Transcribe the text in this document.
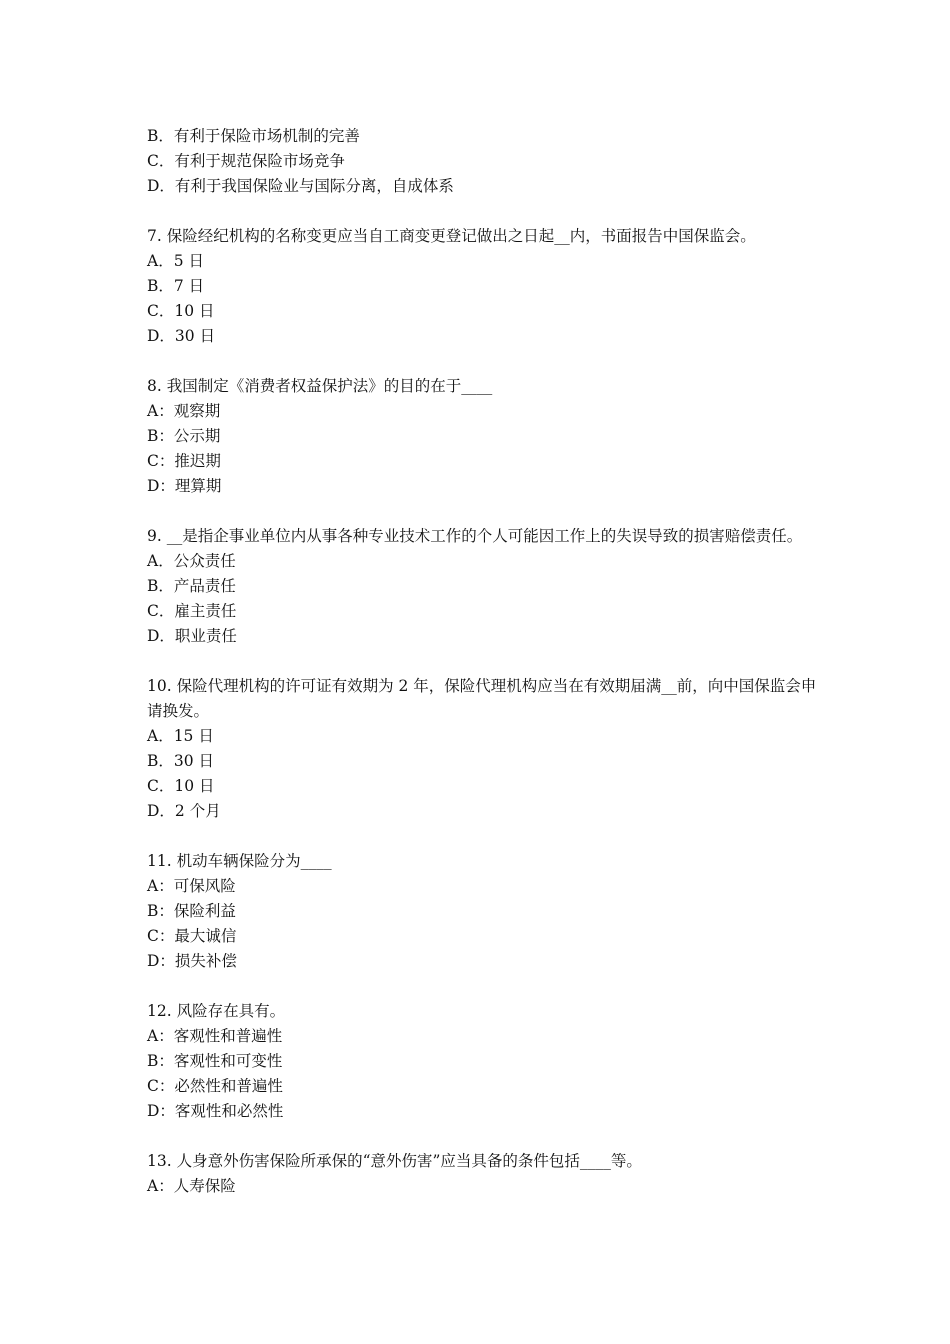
B．有利于保险市场机制的完善

C．有利于规范保险市场竞争

D．有利于我国保险业与国际分离，自成体系

7. 保险经纪机构的名称变更应当自工商变更登记做出之日起__内，书面报告中国保监会。

A．5 日

B．7 日

C．10 日

D．30 日

8. 我国制定《消费者权益保护法》的目的在于____

A：观察期

B：公示期

C：推迟期

D：理算期

9. __是指企事业单位内从事各种专业技术工作的个人可能因工作上的失误导致的损害赔偿责任。

A．公众责任

B．产品责任

C．雇主责任

D．职业责任

10. 保险代理机构的许可证有效期为 2 年，保险代理机构应当在有效期届满__前，向中国保监会申请换发。

A．15 日

B．30 日

C．10 日

D．2 个月

11. 机动车辆保险分为____

A：可保风险

B：保险利益

C：最大诚信

D：损失补偿

12. 风险存在具有。

A：客观性和普遍性

B：客观性和可变性

C：必然性和普遍性

D：客观性和必然性

13. 人身意外伤害保险所承保的“意外伤害”应当具备的条件包括____等。

A：人寿保险
